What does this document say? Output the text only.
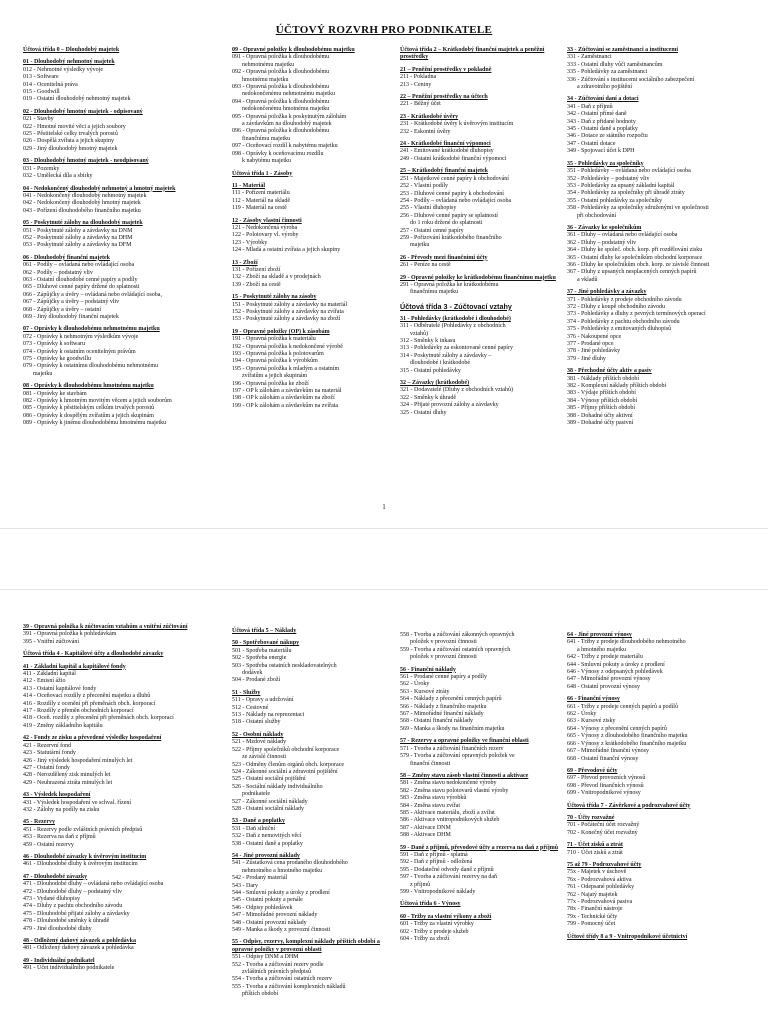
ÚČTOVÝ ROZVRH PRO PODNIKATELE
Účtová třída 0 – Dlouhodobý majetek
01 - Dlouhodobý nehmotný majetek
012 - Nehmotné výsledky vývoje
013 - Software
014 - Ocenitelná práva
015 - Goodwill
019 - Ostatní dlouhodobý nehmotný majetek
02 - Dlouhodobý hmotný majetek - odpisovaný
021 - Stavby
022 - Hmotné movité věci a jejich soubory
025 - Pěstitelské celky trvalých porostů
026 - Dospělá zvířata a jejich skupiny
029 - Jiný dlouhodobý hmotný majetek
03 - Dlouhodobý hmotný majetek - neodpisovaný
031 - Pozemky
032 - Umělecká díla a sbírky
04 - Nedokončený dlouhodobý nehmotný a hmotný majetek
041 - Nedokončený dlouhodobý nehmotný majetek
042 - Nedokončený dlouhodobý hmotný majetek
043 - Pořízení dlouhodobého finančního majetku
05 - Poskytnuté zálohy na dlouhodobý majetek
051 - Poskytnuté zálohy a závdavky na DNM
052 - Poskytnuté zálohy a závdavky na DHM
053 - Poskytnuté zálohy a závdavky na DFM
06 - Dlouhodobý finanční majetek
061 - Podíly – ovládaná nebo ovládající osoba
062 - Podíly – podstatný vliv
063 - Ostatní dlouhodobé cenné papíry a podíly
065 - Dluhové cenné papíry držené do splatnosti
066 - Zápůjčky a úvěry – ovládaná nebo ovládající osoba,
067 - Zápůjčky a úvěry – podstatný vliv
068 - Zápůjčky a úvěry – ostatní
069 - Jiný dlouhodobý finanční majetek
07 - Oprávky k dlouhodobému nehmotnému majetku
072 - Oprávky k nehmotným výsledkům vývoje
073 - Oprávky k softwaru
074 - Oprávky k ostatním ocenitelným právům
075 - Oprávky ke goodwillu
079 - Oprávky k ostatnímu dlouhodobému nehmotnému
majetku
08 - Oprávky k dlouhodobému hmotnému majetku
081 - Oprávky ke stavbám
082 - Oprávky k hmotným movitým věcem a jejich souborům
085 - Oprávky k pěstitelským celkům trvalých porostů
086 - Oprávky k dospělým zvířatům a jejich skupinám
089 - Oprávky k jinému dlouhodobému hmotnému majetku
09 - Opravné položky k dlouhodobému majetku
091 - Opravná položka k dlouhodobému
nehmotnému majetku
092 - Opravná položka k dlouhodobému
hmotnému majetku
093 - Opravná položka k dlouhodobému
nedokončenému nehmotnému majetku
094 - Opravná položka k dlouhodobému
nedokončenému hmotnému majetku
095 - Opravná položka k poskytnutým zálohám
a závdavkům na dlouhodobý majetek
096 - Opravná položka k dlouhodobému
finančnímu majetku
097 - Oceňovací rozdíl k nabytému majetku
098 - Oprávky k oceňovacímu rozdílu
k nabytému majetku
Účtová třída 1 - Zásoby
11 - Materiál
111 - Pořízení materiálu
112 - Materiál na skladě
119 - Materiál na cestě
12 - Zásoby vlastní činnosti
121 - Nedokončená výroba
122 - Polotovary vl. výroby
123 - Výrobky
124 - Mladá a ostatní zvířata a jejich skupiny
13 - Zboží
131 - Pořízení zboží
132 - Zboží na skladě a v prodejnách
139 - Zboží na cestě
15 - Poskytnuté zálohy na zásoby
151 - Poskytnuté zálohy a závdavky na materiál
152 - Poskytnuté zálohy a závdavky na zvířata
153 - Poskytnuté zálohy a závdavky na zboží
19 - Opravné položky (OP) k zásobám
191 - Opravná položka k materiálu
192 - Opravná položka k nedokončené výrobě
193 - Opravná položka k polotovarům
194 - Opravná položka k výrobkům
195 - Opravná položka k mladým a ostatním
zvířatům a jejich skupinám
196 - Opravná položka ke zboží
197 - OP k zálohám a závdavkům na materiál
198 - OP k zálohám a závdavkům na zboží
199 - OP k zálohám a závdavkům na zvířata
Účtová třída 2 – Krátkodobý finanční majetek a peněžní prostředky
21 – Peněžní prostředky v pokladně
211 - Pokladna
213 - Ceniny
22 – Peněžní prostředky na účtech
221 - Běžný účet
23 - Krátkodobé úvěry
231 - Krátkodobé úvěry k úvěrovým institucím
232 - Eskontní úvěry
24 - Krátkodobé finanční výpomoci
241 - Emitované krátkodobé dluhopisy
249 - Ostatní krátkodobé finanční výpomoci
25 – Krátkodobý finanční majetek
251 - Majetkové cenné papíry k obchodování
252 - Vlastní podíly
253 - Dluhové cenné papíry k obchodování
254 - Podíly – ovládaná nebo ovládající osoba
255 - Vlastní dluhopisy
256 - Dluhové cenné papíry se splatností
do 1 roku držené do splatnosti
257 - Ostatní cenné papíry
259 - Pořizování krátkodobého finančního
majetku
26 - Převody mezi finančními účty
261 - Peníze na cestě
29 - Opravné položky ke krátkodobému finančnímu majetku
291 - Opravná položka ke krátkodobému
finančnímu majetku
Účtová třída 3 - Zúčtovací vztahy
31 - Pohledávky (krátkodobé i dlouhodobé)
311 - Odběratelé (Pohledávky z obchodních
vztahů)
312 - Směnky k inkasu
313 - Pohledávky za eskontované cenné papíry
314 - Poskytnuté zálohy a závdavky –
dlouhodobé i krátkodobé
315 - Ostatní pohledávky
32 – Závazky (krátkodobé)
321 - Dodavatelé (Dluhy z obchodních vztahů)
322 - Směnky k úhradě
324 - Přijaté provozní zálohy a závdavky
325 - Ostatní dluhy
33 - Zúčtování se zaměstnanci a institucemi
331 - Zaměstnanci
333 - Ostatní dluhy vůči zaměstnancům
335 - Pohledávky za zaměstnanci
336 - Zúčtování s institucemi sociálního zabezpečení
a zdravotního pojištění
34 - Zúčtování daní a dotací
341 - Daň z příjmů
342 - Ostatní přímé daně
343 - Daň z přidané hodnoty
345 - Ostatní daně a poplatky
346 - Dotace ze státního rozpočtu
347 - Ostatní dotace
349 - Spojovací účet k DPH
35 - Pohledávky za společníky
351 - Pohledávky – ovládaná nebo ovládající osoba
352 - Pohledávky – podstatný vliv
353 - Pohledávky za upsaný základní kapitál
354 - Pohledávky za společníky při úhradě ztráty
355 - Ostatní pohledávky za společníky
358 - Pohledávky za společníky sdruženými ve společnosti
při obchodování
36 - Závazky ke společníkům
361 - Dluhy – ovládaná nebo ovládající osoba
362 - Dluhy – podstatný vliv
364 - Dluhy ke společ. obch. korp. při rozdělování zisku
365 - Ostatní dluhy ke společníkům obchodní korporace
366 - Dluhy ke společníkům obch. korp. ze závislé činnosti
367 - Dluhy z upsaných nesplacených cenných papírů
a vkladů
37 - Jiné pohledávky a závazky
371 - Pohledávky z prodeje obchodního závodu
372 - Dluhy z koupě obchodního závodu
373 - Pohledávky a dluhy z pevných termínových operací
374 - Pohledávky z pachtu obchodního závodu
375 - Pohledávky z emitovaných dluhopisů
376 - Nakoupené opce
377 - Prodané opce
378 - Jiné pohledávky
379 - Jiné dluhy
38 - Přechodné účty aktiv a pasiv
381 - Náklady příštích období
382 - Komplexní náklady příštích období
383 - Výdaje příštích období
384 - Výnosy příštích období
385 - Příjmy příštích období
388 - Dohadné účty aktivní
389 - Dohadné účty pasivní
1
39 - Opravná položka k zúčtovacím vztahům a vnitřní zúčtování
391 - Opravná položka k pohledávkám
395 - Vnitřní zúčtování
Účtová třída 4 - Kapitálové účty a dlouhodobé závazky
41 - Základní kapitál a kapitálové fondy
411 - Základní kapitál
412 - Emisní ážio
413 - Ostatní kapitálové fondy
414 - Oceňovací rozdíly z přecenění majetku a dluhů
416 - Rozdíly z ocenění při přeměnách obch. korporací
417 - Rozdíly z přeměn obchodních korporací
418 - Oceň. rozdíly z přecenění při přeměnách obch. korporací
419 - Změny základního kapitálu
42 - Fondy ze zisku a převedené výsledky hospodaření
421 - Rezervní fond
423 - Statutární fondy
426 - Jiný výsledek hospodaření minulých let
427 - Ostatní fondy
428 - Nerozdělený zisk minulých let
429 - Neuhrazená ztráta minulých let
43 - Výsledek hospodaření
431 - Výsledek hospodaření ve schval. řízení
432 - Zálohy na podíly na zisku
45 - Rezervy
451 - Rezervy podle zvláštních právních předpisů
453 - Rezerva na daň z příjmů
459 - Ostatní rezervy
46 - Dlouhodobé závazky k úvěrovým institucím
461 - Dlouhodobé dluhy k úvěrovým institucím
47 - Dlouhodobé závazky
471 - Dlouhodobé dluhy – ovládaná nebo ovládající osoba
472 - Dlouhodobé dluhy – podstatný vliv
473 - Vydané dluhopisy
474 - Dluhy z pachtu obchodního závodu
475 - Dlouhodobé přijaté zálohy a závdavky
478 - Dlouhodobé směnky k úhradě
479 - Jiné dlouhodobé dluhy
48 - Odložený daňový závazek a pohledávka
481 - Odložený daňový závazek a pohledávka
49 - Individuální podnikatel
491 - Účet individuálního podnikatele
Účtová třída 5 – Náklady
50 - Spotřebované nákupy
501 - Spotřeba materiálu
502 - Spotřeba energie
503 - Spotřeba ostatních neskladovatelných
dodávek
504 - Prodané zboží
51 - Služby
511 - Opravy a udržování
512 - Cestovné
513 - Náklady na reprezentaci
518 - Ostatní služby
52 - Osobní náklady
521 - Mzdové náklady
522 - Příjmy společníků obchodní korporace
ze závislé činnosti
523 - Odměny členům orgánů obch. korporace
524 - Zákonné sociální a zdravotní pojištění
525 - Ostatní sociální pojištění
526 - Sociální náklady individuálního
podnikatele
527 - Zákonné sociální náklady
528 - Ostatní sociální náklady
53 - Daně a poplatky
531 - Daň silniční
532 - Daň z nemovitých věcí
538 - Ostatní daně a poplatky
54 - Jiné provozní náklady
541 - Zůstatková cena prodaného dlouhodobého
nehmotného a hmotného majetku
542 - Prodaný materiál
543 - Dary
544 - Smluvní pokuty a úroky z prodlení
545 - Ostatní pokuty a penále
546 - Odpisy pohledávek
547 - Mimořádné provozní náklady
548 - Ostatní provozní náklady
549 - Manka a škody z provozní činnosti
55 - Odpisy, rezervy, komplexní náklady příštích období a opravné položky v provozní oblasti
551 - Odpisy DNM a DHM
552 - Tvorba a zúčtování rezerv podle
zvláštních právních předpisů
554 - Tvorba a zúčtování ostatních rezerv
555 - Tvorba a zúčtování komplexních nákladů
příštích období
558 - Tvorba a zúčtování zákonných opravných
položek v provozní činnosti
559 - Tvorba a zúčtování ostatních opravných
položek v provozní činnosti
56 - Finanční náklady
561 - Prodané cenné papíry a podíly
562 - Úroky
563 - Kursové ztráty
564 - Náklady z přecenění cenných papírů
566 - Náklady z finančního majetku
567 - Mimořádné finanční náklady
568 - Ostatní finanční náklady
569 - Manka a škody na finančním majetku
57 - Rezervy a opravné položky ve finanční oblasti
571 - Tvorba a zúčtování finančních rezerv
579 - Tvorba a zúčtování opravných položek ve
finanční činnosti
58 – Změny stavu zásob vlastní činnosti a aktivace
581 - Změna stavu nedokončené výroby
582 - Změna stavu polotovarů vlastní výroby
583 - Změna stavu výrobků
584 - Změna stavu zvířat
585 - Aktivace materiálu, zboží a zvířat
586 - Aktivace vnitropodnikových služeb
587 - Aktivace DNM
588 - Aktivace DHM
59 - Daně z příjmů, převodové účty a rezerva na daň z příjmů
591 - Daň z příjmů - splatná
592 - Daň z příjmů - odložená
595 - Dodatečné odvody daně z příjmů
597 - Tvorba a zúčtování rezervy na daň
z příjmů
599 - Vnitropodnikové náklady
Účtová třída 6 - Výnosy
60 - Tržby za vlastní výkony a zboží
601 - Tržby za vlastní výrobky
602 - Tržby z prodeje služeb
604 - Tržby za zboží
64 - Jiné provozní výnosy
641 - Tržby z prodeje dlouhodobého nehmotného
a hmotného majetku
642 - Tržby z prodeje materiálu
644 - Smluvní pokuty a úroky z prodlení
646 - Výnosy z odepsaných pohledávek
647 - Mimořádné provozní výnosy
648 - Ostatní provozní výnosy
66 - Finanční výnosy
661 - Tržby z prodeje cenných papírů a podílů
662 - Úroky
663 - Kursové zisky
664 - Výnosy z přecenění cenných papírů
665 - Výnosy z dlouhodobého finančního majetku
666 - Výnosy z krátkodobého finančního majetku
667 - Mimořádné finanční výnosy
668 - Ostatní finanční výnosy
69 - Převodové účty
697 - Převod provozních výnosů
698 - Převod finančních výnosů
699 - Vnitropodnikové výnosy
Účtová třída 7 - Závěrkové a podrozvahové účty
70 - Účty rozvažné
701 - Počáteční účet rozvažný
702 - Konečný účet rozvažný
71 - Účet zisků a ztrát
710 - Účet zisků a ztrát
75 až 79 - Podrozvahové účty
75x - Majetek v úschově
76x - Podrozvahová aktiva
761 - Odepsané pohledávky
762 - Najatý majetek
77x - Podrozvahová pasiva
78x - Finanční nástroje
79x - Technické účty
799 - Pomocný účet
Účtové třídy 8 a 9 - Vnitropodnikové účetnictví
